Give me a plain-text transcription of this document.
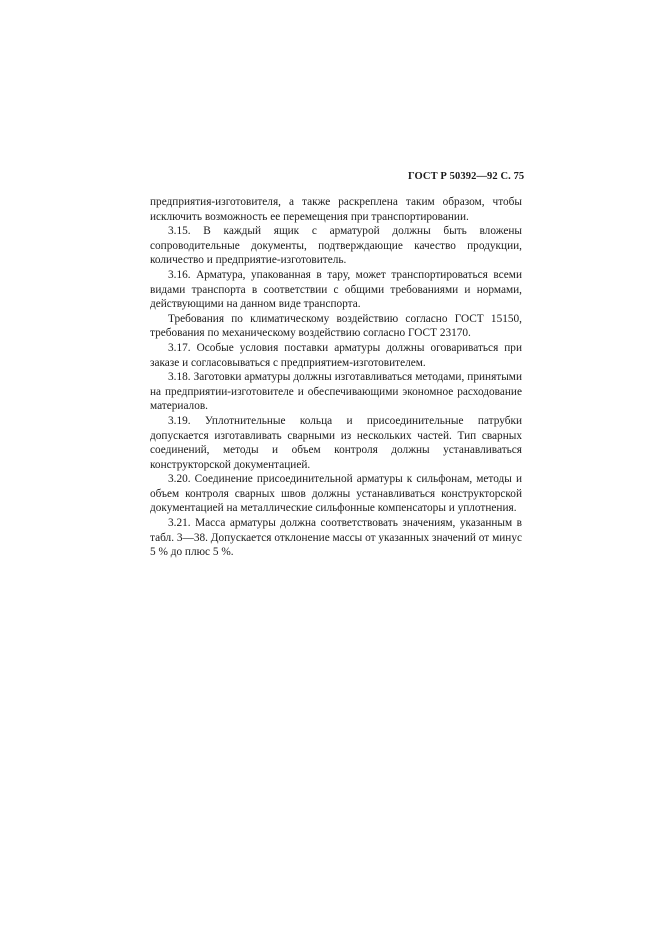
ГОСТ Р 50392—92 С. 75

предприятия-изготовителя, а также раскреплена таким образом, чтобы исключить возможность ее перемещения при транспортировании.

3.15. В каждый ящик с арматурой должны быть вложены сопроводительные документы, подтверждающие качество продукции, количество и предприятие-изготовитель.

3.16. Арматура, упакованная в тару, может транспортироваться всеми видами транспорта в соответствии с общими требованиями и нормами, действующими на данном виде транспорта.

Требования по климатическому воздействию согласно ГОСТ 15150, требования по механическому воздействию согласно ГОСТ 23170.

3.17. Особые условия поставки арматуры должны оговариваться при заказе и согласовываться с предприятием-изготовителем.

3.18. Заготовки арматуры должны изготавливаться методами, принятыми на предприятии-изготовителе и обеспечивающими экономное расходование материалов.

3.19. Уплотнительные кольца и присоединительные патрубки допускается изготавливать сварными из нескольких частей. Тип сварных соединений, методы и объем контроля должны устанавливаться конструкторской документацией.

3.20. Соединение присоединительной арматуры к сильфонам, методы и объем контроля сварных швов должны устанавливаться конструкторской документацией на металлические сильфонные компенсаторы и уплотнения.

3.21. Масса арматуры должна соответствовать значениям, указанным в табл. 3—38. Допускается отклонение массы от указанных значений от минус 5 % до плюс 5 %.
